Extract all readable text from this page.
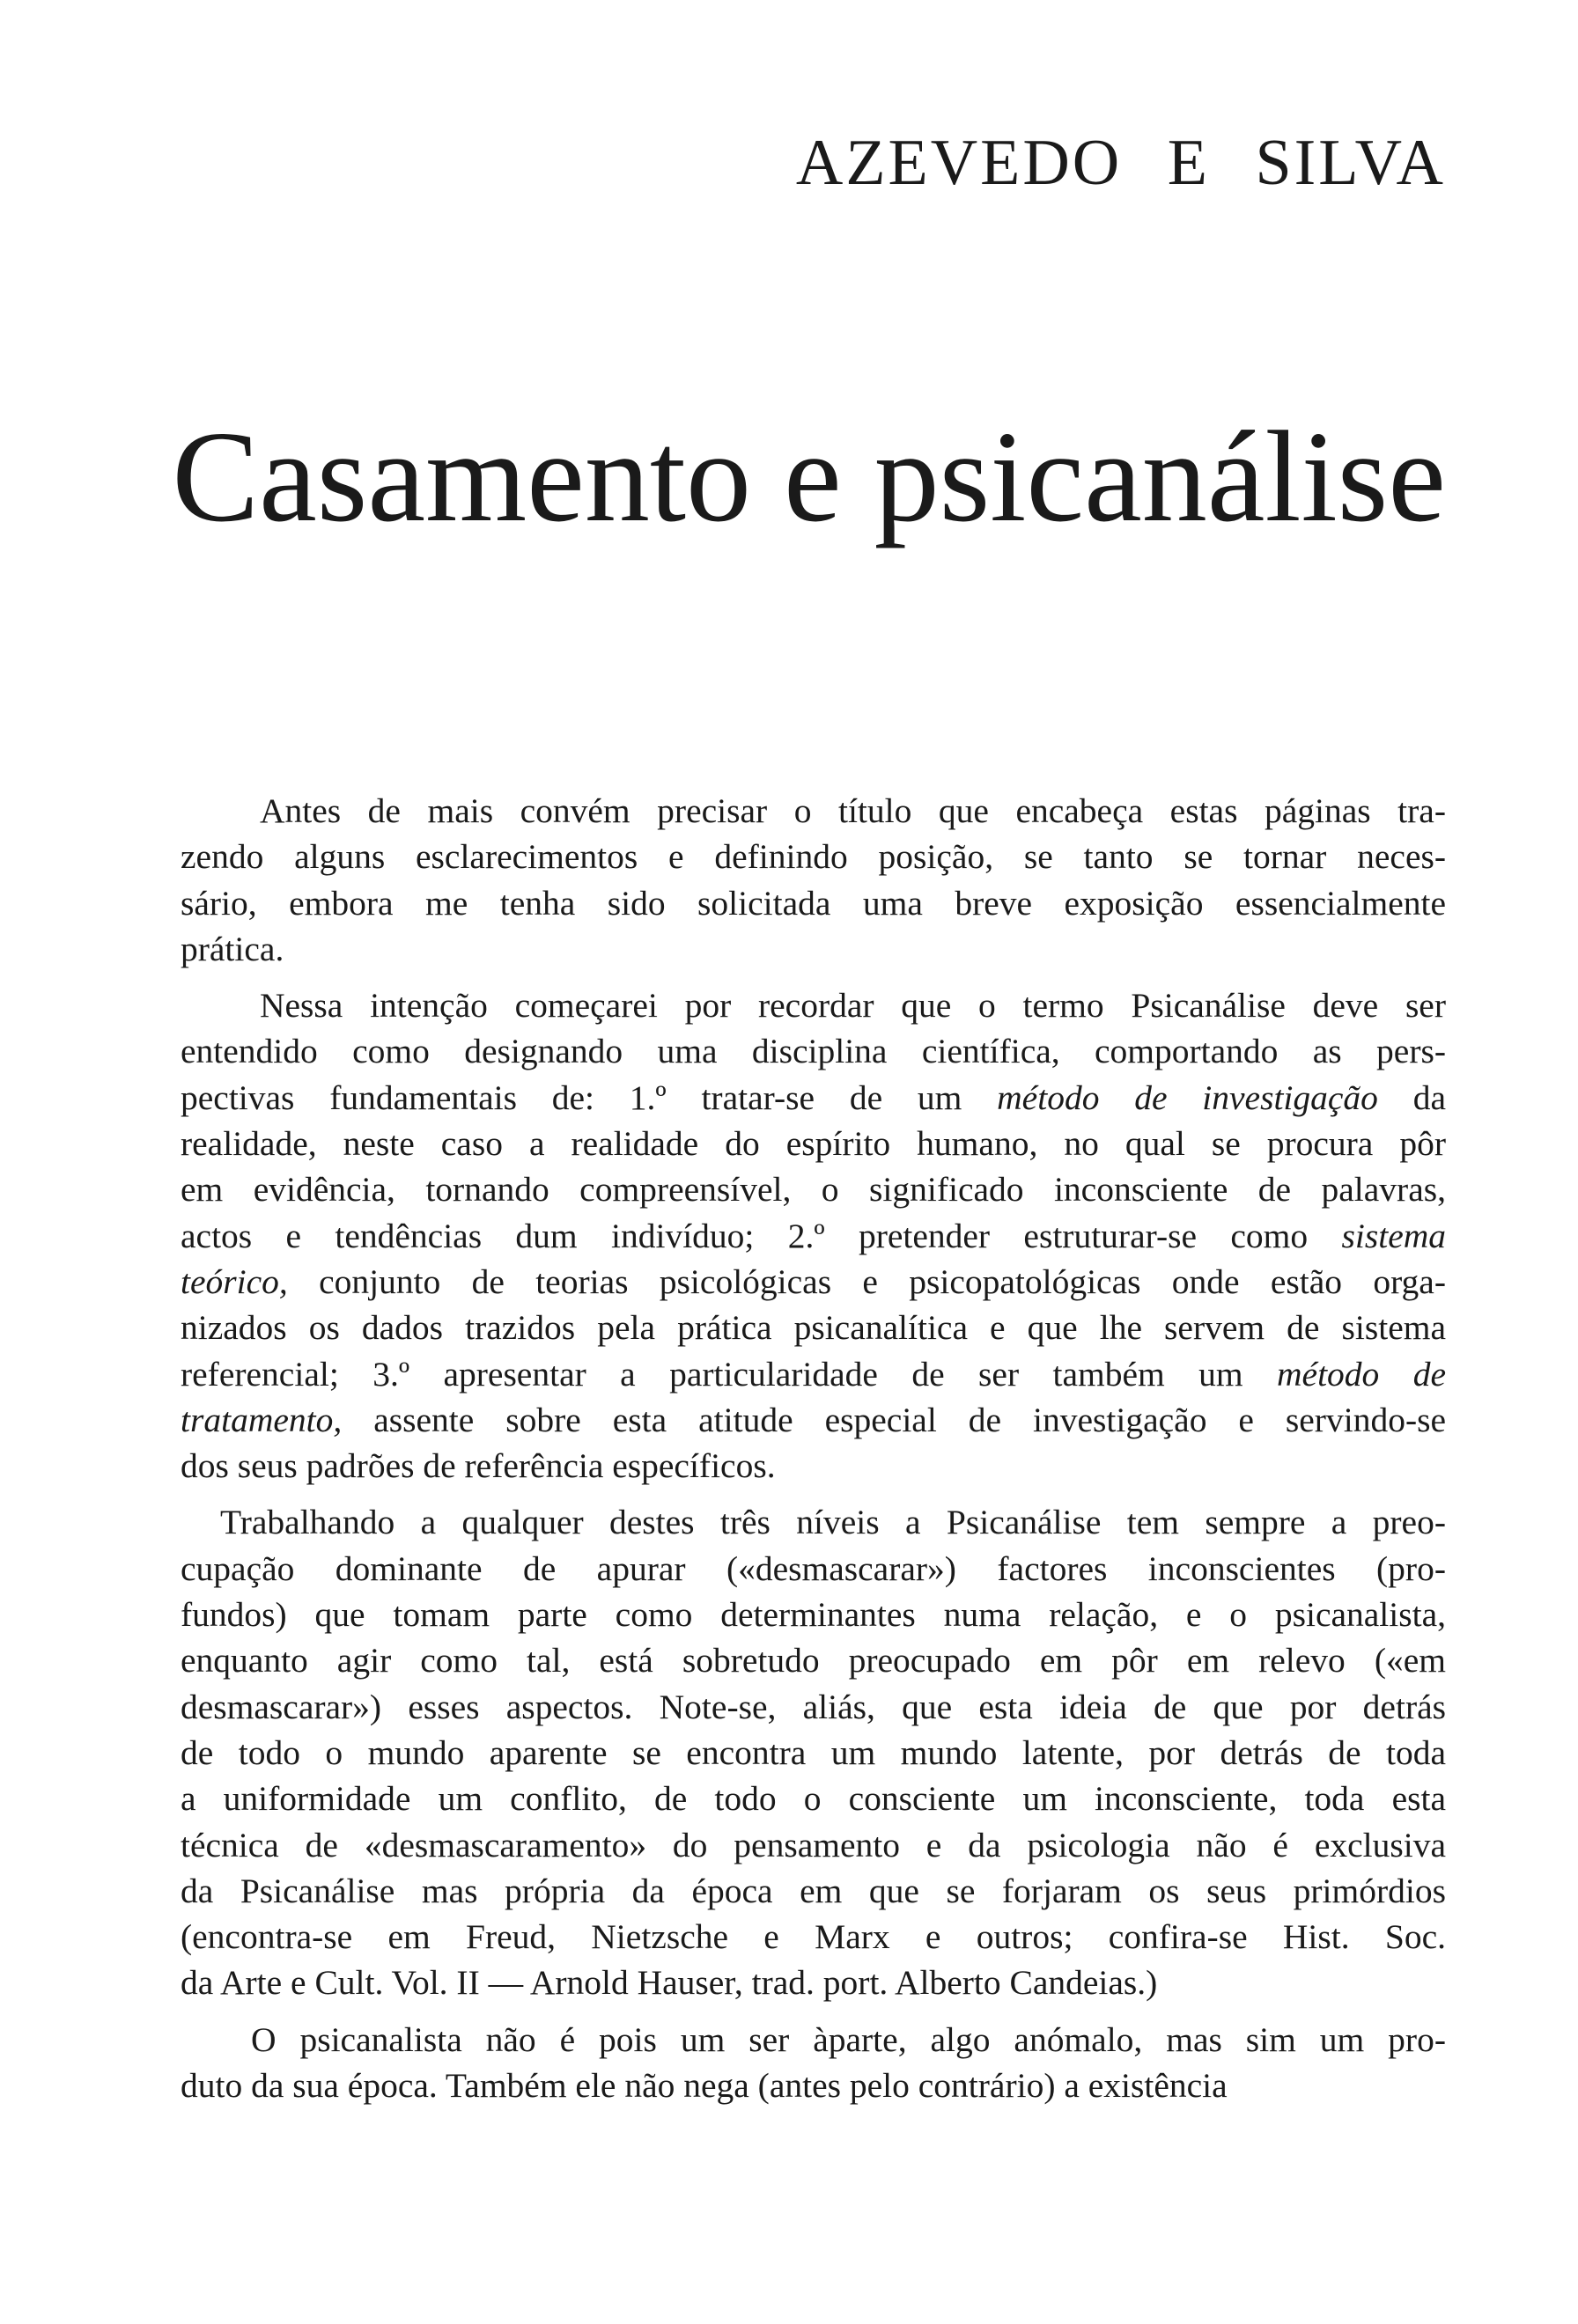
AZEVEDO E SILVA
Casamento e psicanálise

Antes de mais convém precisar o título que encabeça estas páginas tra-

zendo alguns esclarecimentos e definindo posição, se tanto se tornar neces-

sário, embora me tenha sido solicitada uma breve exposição essencialmente

prática.

Nessa intenção começarei por recordar que o termo Psicanálise deve ser

entendido como designando uma disciplina científica, comportando as pers-

pectivas fundamentais de: 1.º tratar-se de um método de investigação da

realidade, neste caso a realidade do espírito humano, no qual se procura pôr

em evidência, tornando compreensível, o significado inconsciente de palavras,

actos e tendências dum indivíduo; 2.º pretender estruturar-se como sistema

teórico, conjunto de teorias psicológicas e psicopatológicas onde estão orga-

nizados os dados trazidos pela prática psicanalítica e que lhe servem de sistema

referencial; 3.º apresentar a particularidade de ser também um método de

tratamento, assente sobre esta atitude especial de investigação e servindo-se

dos seus padrões de referência específicos.

Trabalhando a qualquer destes três níveis a Psicanálise tem sempre a preo-

cupação dominante de apurar («desmascarar») factores inconscientes (pro-

fundos) que tomam parte como determinantes numa relação, e o psicanalista,

enquanto agir como tal, está sobretudo preocupado em pôr em relevo («em

desmascarar») esses aspectos. Note-se, aliás, que esta ideia de que por detrás

de todo o mundo aparente se encontra um mundo latente, por detrás de toda

a uniformidade um conflito, de todo o consciente um inconsciente, toda esta

técnica de «desmascaramento» do pensamento e da psicologia não é exclusiva

da Psicanálise mas própria da época em que se forjaram os seus primórdios

(encontra-se em Freud, Nietzsche e Marx e outros; confira-se Hist. Soc.

da Arte e Cult. Vol. II — Arnold Hauser, trad. port. Alberto Candeias.)

O psicanalista não é pois um ser àparte, algo anómalo, mas sim um pro-

duto da sua época. Também ele não nega (antes pelo contrário) a existência
